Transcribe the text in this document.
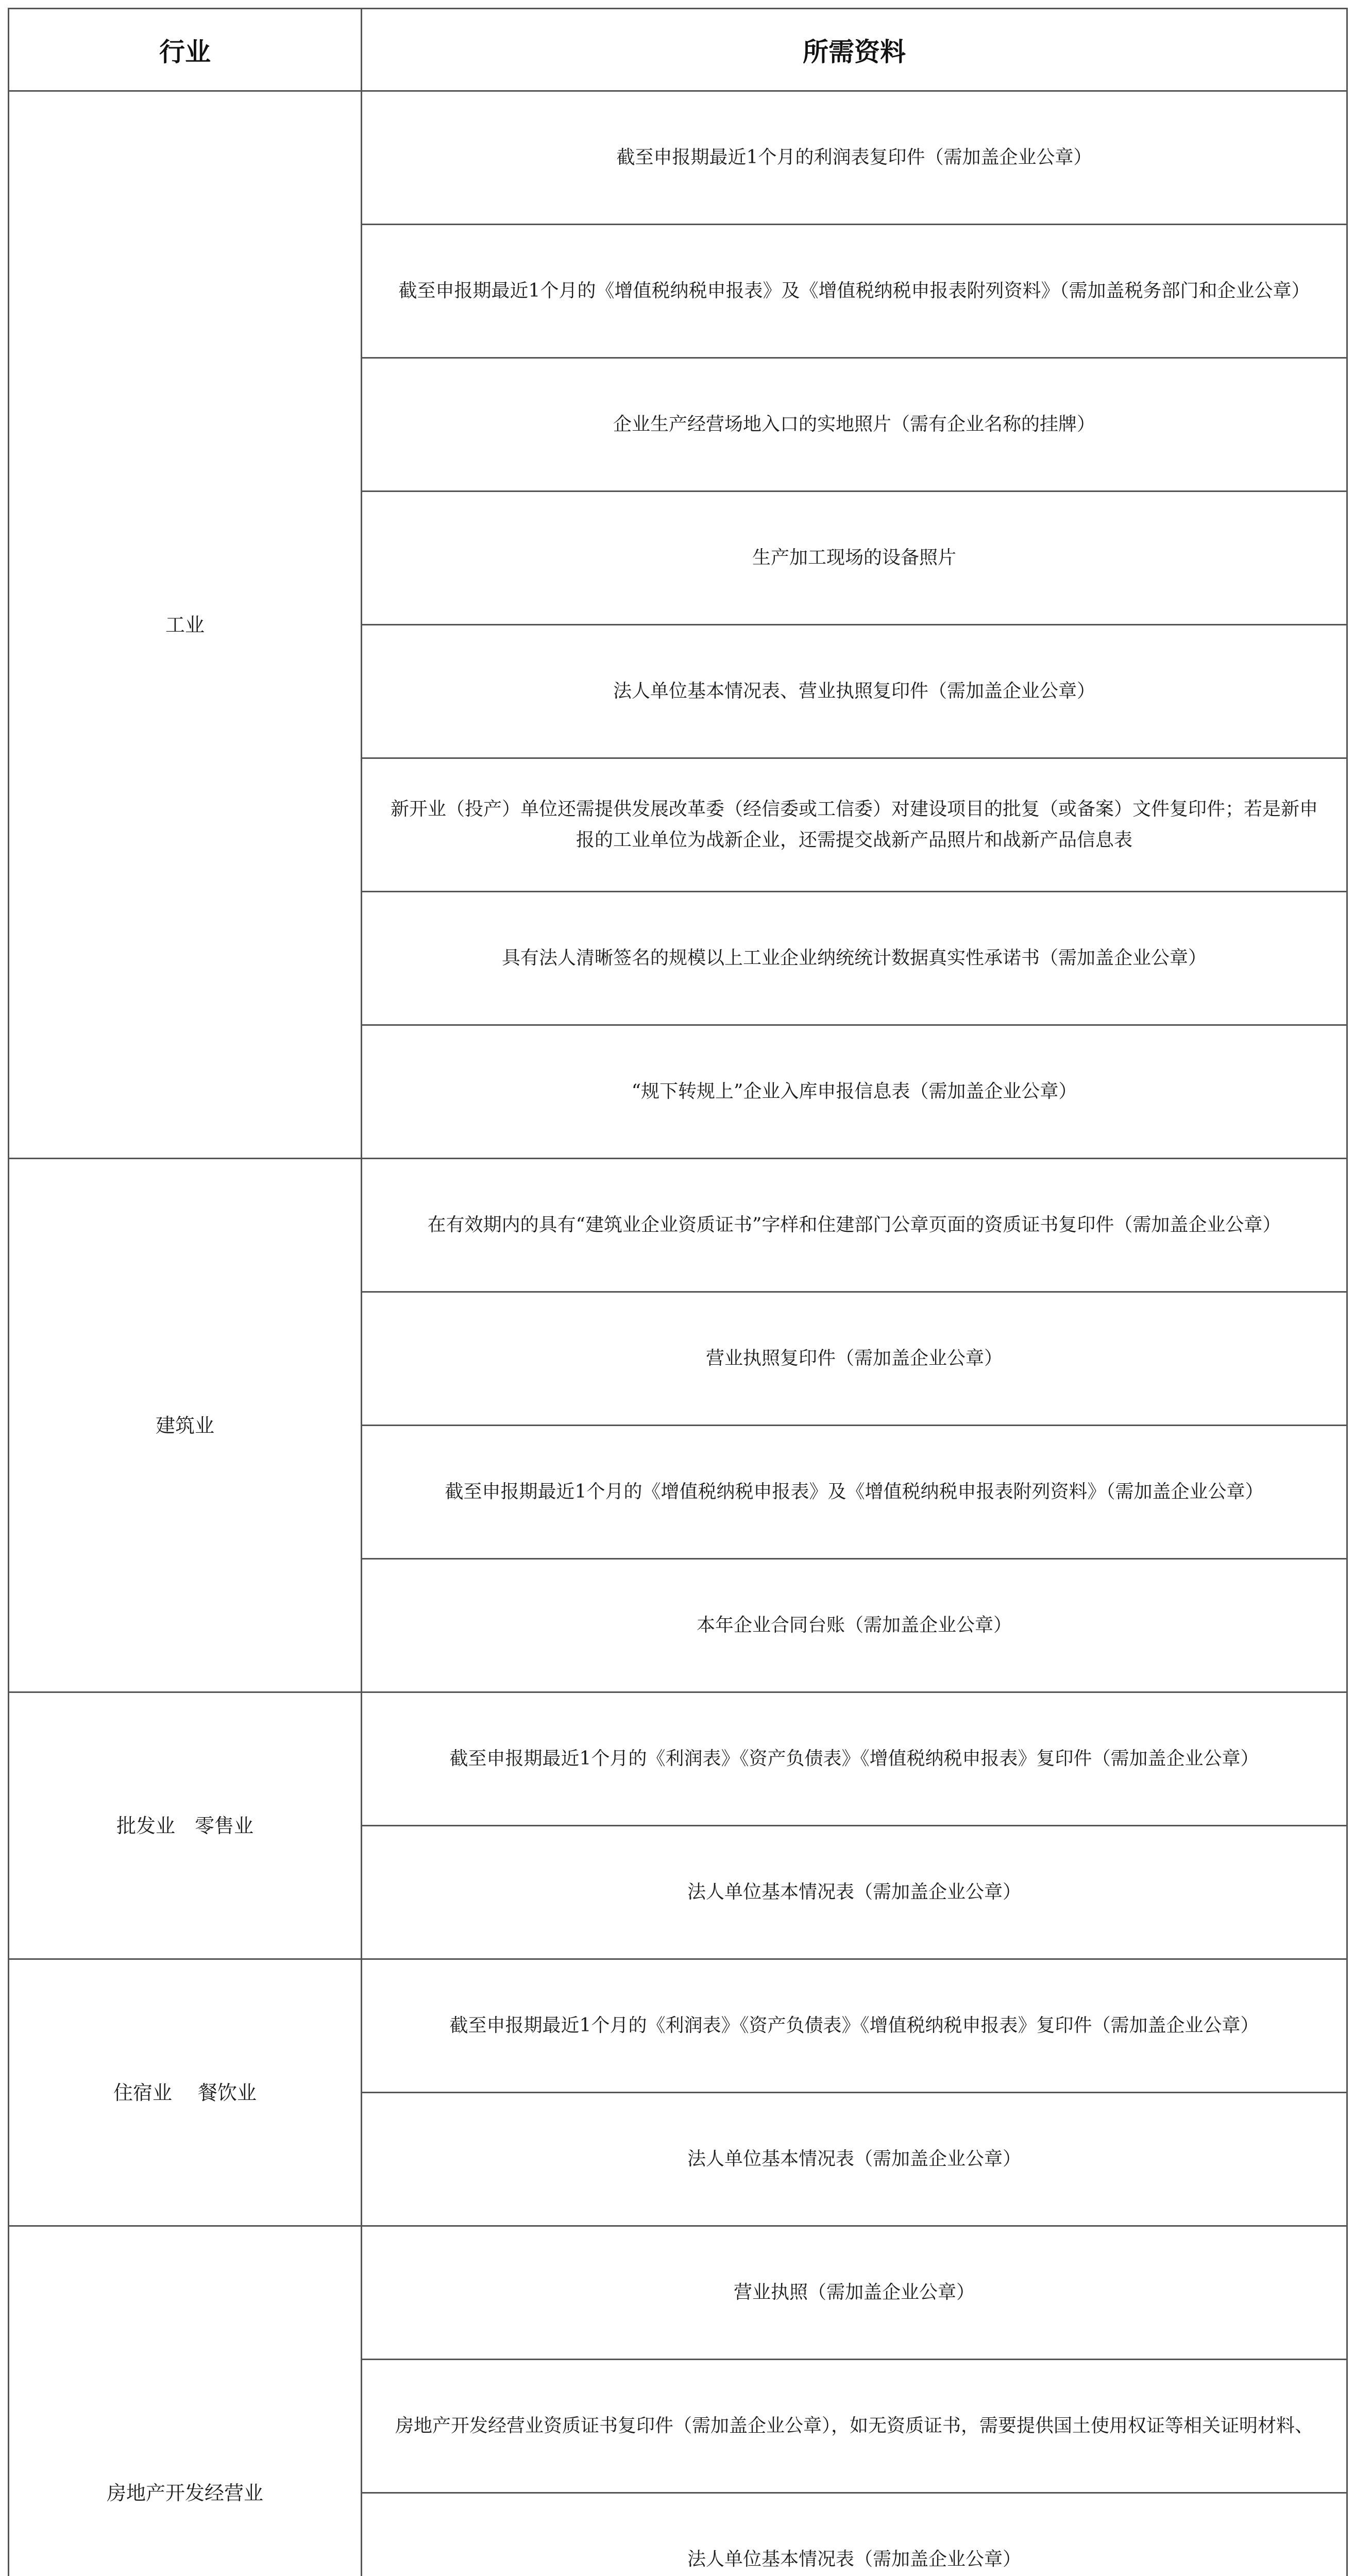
行业	所需资料
工业	截至申报期最近1个月的利润表复印件（需加盖企业公章）
	截至申报期最近1个月的《增值税纳税申报表》及《增值税纳税申报表附列资料》（需加盖税务部门和企业公章）
	企业生产经营场地入口的实地照片（需有企业名称的挂牌）
	生产加工现场的设备照片
	法人单位基本情况表、营业执照复印件（需加盖企业公章）
	新开业（投产）单位还需提供发展改革委（经信委或工信委）对建设项目的批复（或备案）文件复印件；若是新申报的工业单位为战新企业，还需提交战新产品照片和战新产品信息表
	具有法人清晰签名的规模以上工业企业纳统统计数据真实性承诺书（需加盖企业公章）
	“规下转规上”企业入库申报信息表（需加盖企业公章）
建筑业	在有效期内的具有“建筑业企业资质证书”字样和住建部门公章页面的资质证书复印件（需加盖企业公章）
	营业执照复印件（需加盖企业公章）
	截至申报期最近1个月的《增值税纳税申报表》及《增值税纳税申报表附列资料》（需加盖企业公章）
	本年企业合同台账（需加盖企业公章）
批发业　零售业	截至申报期最近1个月的《利润表》《资产负债表》《增值税纳税申报表》复印件（需加盖企业公章）
	法人单位基本情况表（需加盖企业公章）
住宿业　 餐饮业	截至申报期最近1个月的《利润表》《资产负债表》《增值税纳税申报表》复印件（需加盖企业公章）
	法人单位基本情况表（需加盖企业公章）
房地产开发经营业	营业执照（需加盖企业公章）
	房地产开发经营业资质证书复印件（需加盖企业公章），如无资质证书，需要提供国土使用权证等相关证明材料、
	法人单位基本情况表（需加盖企业公章）
